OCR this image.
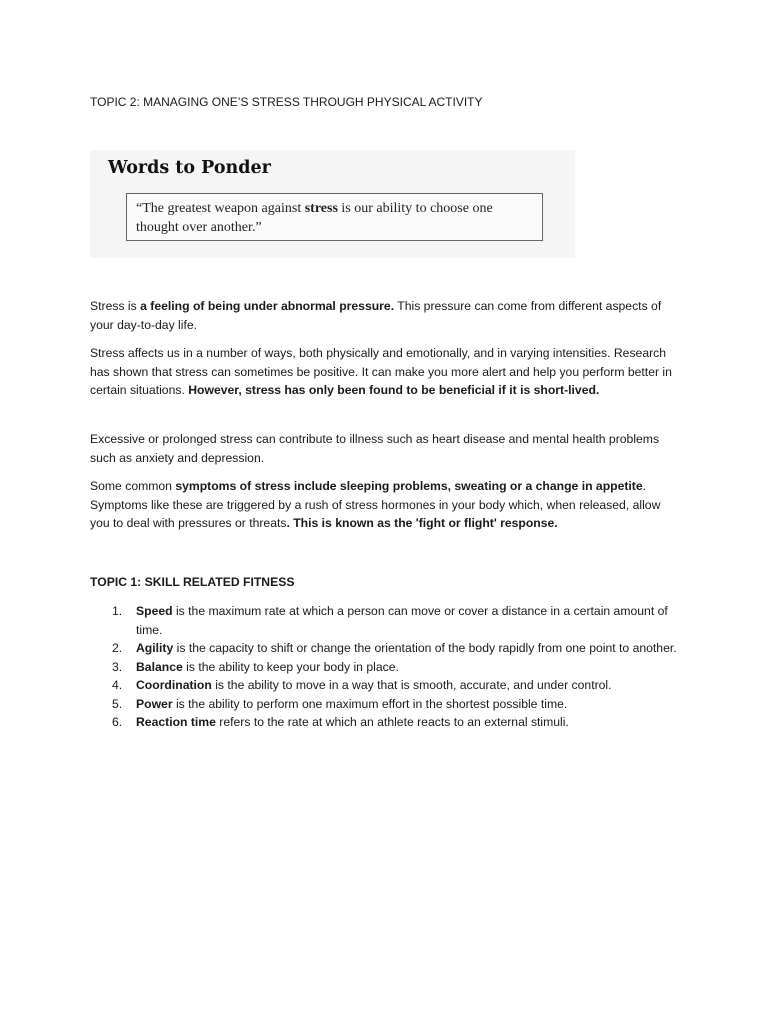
TOPIC 2: MANAGING ONE’S STRESS THROUGH PHYSICAL ACTIVITY

Stress is a feeling of being under abnormal pressure. This pressure can come from different aspects of your day-to-day life.

Stress affects us in a number of ways, both physically and emotionally, and in varying intensities. Research has shown that stress can sometimes be positive. It can make you more alert and help you perform better in certain situations. However, stress has only been found to be beneficial if it is short-lived.

Excessive or prolonged stress can contribute to illness such as heart disease and mental health problems such as anxiety and depression.

Some common symptoms of stress include sleeping problems, sweating or a change in appetite. Symptoms like these are triggered by a rush of stress hormones in your body which, when released, allow you to deal with pressures or threats. This is known as the 'fight or flight' response.

TOPIC 1: SKILL RELATED FITNESS
1. Speed is the maximum rate at which a person can move or cover a distance in a certain amount of time.
2. Agility is the capacity to shift or change the orientation of the body rapidly from one point to another.
3. Balance is the ability to keep your body in place.
4. Coordination is the ability to move in a way that is smooth, accurate, and under control.
5. Power is the ability to perform one maximum effort in the shortest possible time.
6. Reaction time refers to the rate at which an athlete reacts to an external stimuli.
Words to Ponder
“The greatest weapon against stress is our ability to choose one thought over another.”
